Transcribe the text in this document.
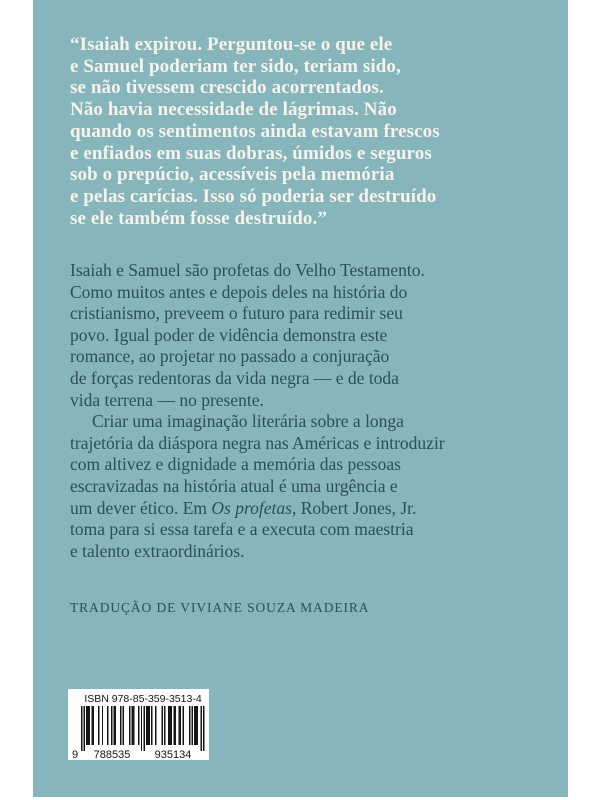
“Isaiah expirou. Perguntou-se o que ele
e Samuel poderiam ter sido, teriam sido,
se não tivessem crescido acorrentados.
Não havia necessidade de lágrimas. Não
quando os sentimentos ainda estavam frescos
e enfiados em suas dobras, úmidos e seguros
sob o prepúcio, acessíveis pela memória
e pelas carícias. Isso só poderia ser destruído
se ele também fosse destruído.”
Isaiah e Samuel são profetas do Velho Testamento.
Como muitos antes e depois deles na história do
cristianismo, preveem o futuro para redimir seu
povo. Igual poder de vidência demonstra este
romance, ao projetar no passado a conjuração
de forças redentoras da vida negra — e de toda
vida terrena — no presente.
Criar uma imaginação literária sobre a longa
trajetória da diáspora negra nas Américas e introduzir
com altivez e dignidade a memória das pessoas
escravizadas na história atual é uma urgência e
um dever ético. Em Os profetas, Robert Jones, Jr.
toma para si essa tarefa e a executa com maestria
e talento extraordinários.
TRADUÇÃO DE VIVIANE SOUZA MADEIRA
ISBN 978-85-359-3513-4
9 788535 935134
